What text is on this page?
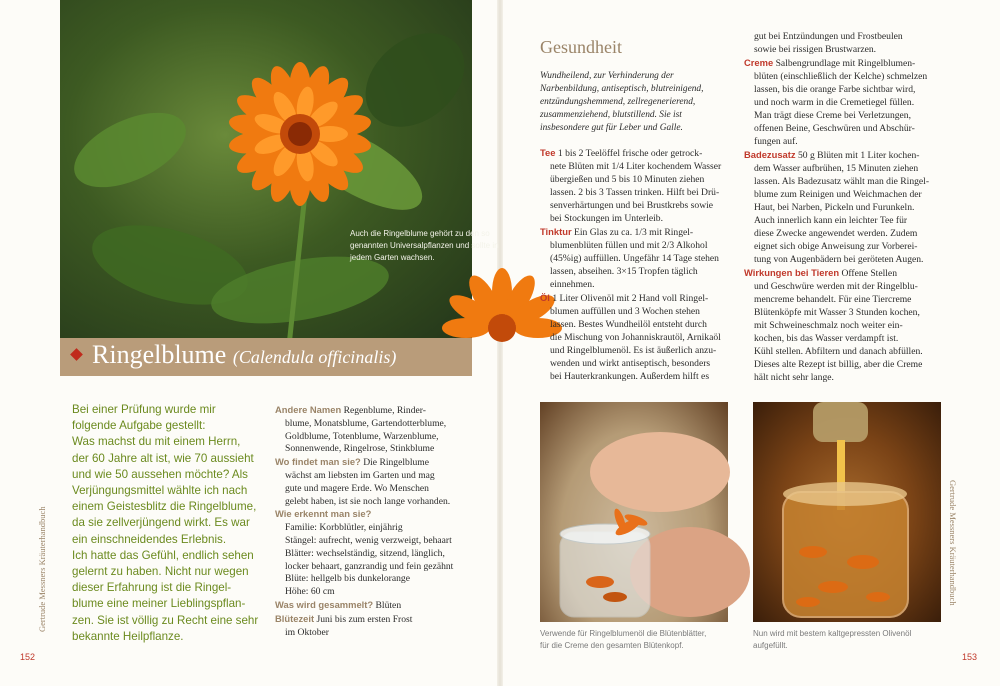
Auch die Ringelblume gehört zu den so genannten Universalpflanzen und sollte in jedem Garten wachsen.
Ringelblume (Calendula officinalis)

Bei einer Prüfung wurde mir

folgende Aufgabe gestellt:

Was machst du mit einem Herrn,

der 60 Jahre alt ist, wie 70 aussieht

und wie 50 aussehen möchte? Als

Verjüngungsmittel wählte ich nach

einem Geistesblitz die Ringelblume,

da sie zellverjüngend wirkt. Es war

ein einschneidendes Erlebnis.

Ich hatte das Gefühl, endlich sehen

gelernt zu haben. Nicht nur wegen

dieser Erfahrung ist die Ringel-

blume eine meiner Lieblingspflan-

zen. Sie ist völlig zu Recht eine sehr

bekannte Heilpflanze.

Andere Namen Regenblume, Rinder-

blume, Monatsblume, Gartendotterblume,

Goldblume, Totenblume, Warzenblume,

Sonnenwende, Ringelrose, Stinkblume

Wo findet man sie? Die Ringelblume

wächst am liebsten im Garten und mag

gute und magere Erde. Wo Menschen

gelebt haben, ist sie noch lange vorhanden.

Wie erkennt man sie?

Familie: Korbblütler, einjährig

Stängel: aufrecht, wenig verzweigt, behaart

Blätter: wechselständig, sitzend, länglich,

locker behaart, ganzrandig und fein gezähnt

Blüte: hellgelb bis dunkelorange

Höhe: 60 cm

Was wird gesammelt? Blüten

Blütezeit Juni bis zum ersten Frost

im Oktober

Gertrude Messners Kräuterhandbuch
152
Gesundheit
Wundheilend, zur Verhinderung der
Narbenbildung, antiseptisch, blutreinigend,
entzündungshemmend, zellregenerierend,
zusammenziehend, blutstillend. Sie ist
insbesondere gut für Leber und Galle.

Tee 1 bis 2 Teelöffel frische oder getrock-

nete Blüten mit 1/4 Liter kochendem Wasser

übergießen und 5 bis 10 Minuten ziehen

lassen. 2 bis 3 Tassen trinken. Hilft bei Drü-

senverhärtungen und bei Brustkrebs sowie

bei Stockungen im Unterleib.

Tinktur Ein Glas zu ca. 1/3 mit Ringel-

blumenblüten füllen und mit 2/3 Alkohol

(45%ig) auffüllen. Ungefähr 14 Tage stehen

lassen, abseihen. 3×15 Tropfen täglich

einnehmen.

Öl 1 Liter Olivenöl mit 2 Hand voll Ringel-

blumen auffüllen und 3 Wochen stehen

lassen. Bestes Wundheilöl entsteht durch

die Mischung von Johanniskrautöl, Arnikaöl

und Ringelblumenöl. Es ist äußerlich anzu-

wenden und wirkt antiseptisch, besonders

bei Hauterkrankungen. Außerdem hilft es

gut bei Entzündungen und Frostbeulen

sowie bei rissigen Brustwarzen.

Creme Salbengrundlage mit Ringelblumen-

blüten (einschließlich der Kelche) schmelzen

lassen, bis die orange Farbe sichtbar wird,

und noch warm in die Cremetiegel füllen.

Man trägt diese Creme bei Verletzungen,

offenen Beine, Geschwüren und Abschür-

fungen auf.

Badezusatz 50 g Blüten mit 1 Liter kochen-

dem Wasser aufbrühen, 15 Minuten ziehen

lassen. Als Badezusatz wählt man die Ringel-

blume zum Reinigen und Weichmachen der

Haut, bei Narben, Pickeln und Furunkeln.

Auch innerlich kann ein leichter Tee für

diese Zwecke angewendet werden. Zudem

eignet sich obige Anweisung zur Vorberei-

tung von Augenbädern bei geröteten Augen.

Wirkungen bei Tieren Offene Stellen

und Geschwüre werden mit der Ringelblu-

mencreme behandelt. Für eine Tiercreme

Blütenköpfe mit Wasser 3 Stunden kochen,

mit Schweineschmalz noch weiter ein-

kochen, bis das Wasser verdampft ist.

Kühl stellen. Abfiltern und danach abfüllen.

Dieses alte Rezept ist billig, aber die Creme

hält nicht sehr lange.

Verwende für Ringelblumenöl die Blütenblätter,
für die Creme den gesamten Blütenkopf.
Nun wird mit bestem kaltgepressten Olivenöl
aufgefüllt.
Gertrude Messners Kräuterhandbuch
153
